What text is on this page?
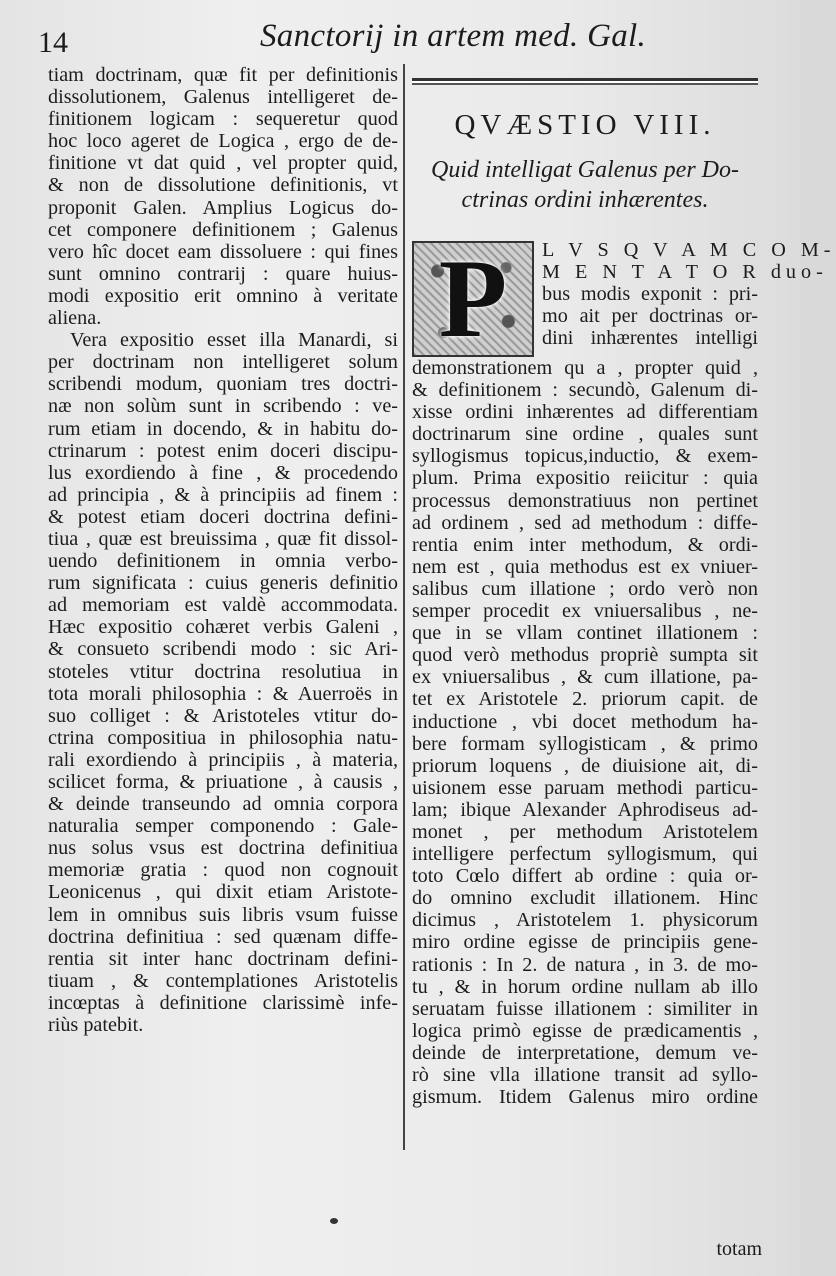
14	Sanctorij in artem med. Gal.
tiam doctrinam, quæ fit per definitionis
dissolutionem, Galenus intelligeret de-
finitionem logicam : sequeretur quod
hoc loco ageret de Logica , ergo de de-
finitione vt dat quid , vel propter quid,
& non de dissolutione definitionis, vt
proponit Galen. Amplius Logicus do-
cet componere definitionem ; Galenus
vero hîc docet eam dissoluere : qui fines
sunt omnino contrarij : quare huius-
modi expositio erit omnino à veritate
aliena.
Vera expositio esset illa Manardi, si
per doctrinam non intelligeret solum
scribendi modum, quoniam tres doctri-
næ non solùm sunt in scribendo : ve-
rum etiam in docendo, & in habitu do-
ctrinarum : potest enim doceri discipu-
lus exordiendo à fine , & procedendo
ad principia , & à principiis ad finem :
& potest etiam doceri doctrina defini-
tiua , quæ est breuissima , quæ fit dissol-
uendo definitionem in omnia verbo-
rum significata : cuius generis definitio
ad memoriam est valdè accommodata.
Hæc expositio cohæret verbis Galeni ,
& consueto scribendi modo : sic Ari-
stoteles vtitur doctrina resolutiua in
tota morali philosophia : & Auerroës in
suo colliget : & Aristoteles vtitur do-
ctrina compositiua in philosophia natu-
rali exordiendo à principiis , à materia,
scilicet forma, & priuatione , à causis ,
& deinde transeundo ad omnia corpora
naturalia semper componendo : Gale-
nus solus vsus est doctrina definitiua
memoriæ gratia : quod non cognouit
Leonicenus , qui dixit etiam Aristote-
lem in omnibus suis libris vsum fuisse
doctrina definitiua : sed quænam diffe-
rentia sit inter hanc doctrinam defini-
tiuam , & contemplationes Aristotelis
incœptas à definitione clarissimè infe-
riùs patebit.
QVÆSTIO VIII.
Quid intelligat Galenus per Do-
ctrinas ordini inhærentes.
P	L V S Q V A M C O M-
M E N T A T O R duo-
bus modis exponit : pri-
mo ait per doctrinas or-
dini inhærentes intelligi
demonstrationem qu a , propter quid ,
& definitionem : secundò, Galenum di-
xisse ordini inhærentes ad differentiam
doctrinarum sine ordine , quales sunt
syllogismus topicus,inductio, & exem-
plum. Prima expositio reiicitur : quia
processus demonstratiuus non pertinet
ad ordinem , sed ad methodum : diffe-
rentia enim inter methodum, & ordi-
nem est , quia methodus est ex vniuer-
salibus cum illatione ; ordo verò non
semper procedit ex vniuersalibus , ne-
que in se vllam continet illationem :
quod verò methodus propriè sumpta sit
ex vniuersalibus , & cum illatione, pa-
tet ex Aristotele 2. priorum capit. de
inductione , vbi docet methodum ha-
bere formam syllogisticam , & primo
priorum loquens , de diuisione ait, di-
uisionem esse paruam methodi particu-
lam; ibique Alexander Aphrodiseus ad-
monet , per methodum Aristotelem
intelligere perfectum syllogismum, qui
toto Cœlo differt ab ordine : quia or-
do omnino excludit illationem. Hinc
dicimus , Aristotelem 1. physicorum
miro ordine egisse de principiis gene-
rationis : In 2. de natura , in 3. de mo-
tu , & in horum ordine nullam ab illo
seruatam fuisse illationem : similiter in
logica primò egisse de prædicamentis ,
deinde de interpretatione, demum ve-
rò sine vlla illatione transit ad syllo-
gismum. Itidem Galenus miro ordine
totam
